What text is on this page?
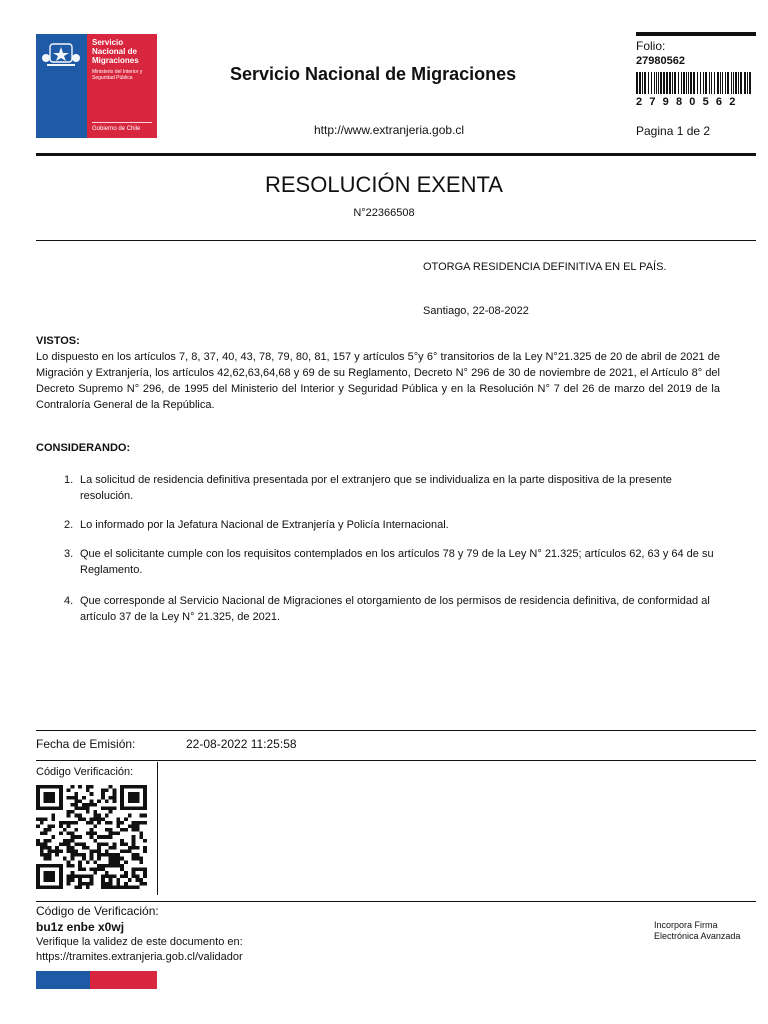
Servicio Nacional de Migraciones
Ministerio del Interior y Seguridad Pública
Gobierno de Chile
Servicio Nacional de Migraciones
http://www.extranjeria.gob.cl
Folio:
27980562
27980562
Pagina 1 de 2
RESOLUCIÓN EXENTA
N°22366508
OTORGA RESIDENCIA DEFINITIVA EN EL PAÍS.
Santiago, 22-08-2022
VISTOS:
Lo dispuesto en los artículos 7, 8, 37, 40, 43, 78, 79, 80, 81, 157 y artículos 5°y 6° transitorios de la Ley N°21.325 de 20 de abril de 2021 de Migración y Extranjería, los artículos 42,62,63,64,68 y 69 de su Reglamento, Decreto N° 296 de 30 de noviembre de 2021, el Artículo 8° del Decreto Supremo N° 296, de 1995 del Ministerio del Interior y Seguridad Pública y en la Resolución N° 7 del 26 de marzo del 2019 de la Contraloría General de la República.
CONSIDERANDO:
1. La solicitud de residencia definitiva presentada por el extranjero que se individualiza en la parte dispositiva de la presente resolución.
2. Lo informado por la Jefatura Nacional de Extranjería y Policía Internacional.
3. Que el solicitante cumple con los requisitos contemplados en los artículos 78 y 79 de la Ley N° 21.325; artículos 62, 63 y 64 de su Reglamento.
4. Que corresponde al Servicio Nacional de Migraciones el otorgamiento de los permisos de residencia definitiva, de conformidad al artículo 37 de la Ley N° 21.325, de 2021.
Fecha de Emisión:	22-08-2022 11:25:58
Código Verificación:
Código de Verificación:
bu1z enbe x0wj
Verifique la validez de este documento en:
https://tramites.extranjeria.gob.cl/validador
Incorpora Firma Electrónica Avanzada
